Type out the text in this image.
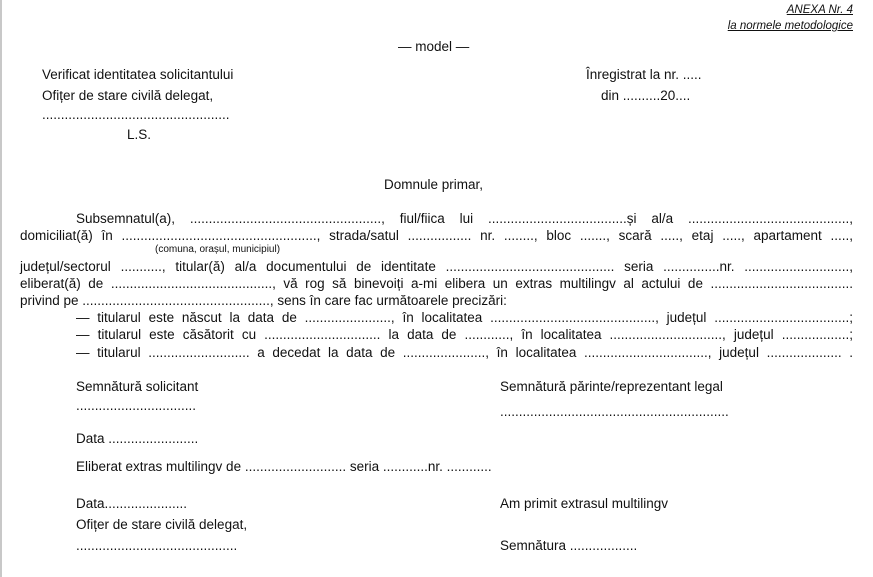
ANEXA Nr. 4
la normele metodologice
— model —
Verificat identitatea solicitantului
Ofițer de stare civilă delegat,
..................................................
L.S.
Înregistrat la nr. .....
din ..........20....
Domnule primar,
Subsemnatul(a), ..................................................., fiul/fiica lui .....................................și al/a ...........................................,
domiciliat(ă) în ...................................................., strada/satul ................. nr. ........, bloc ......., scară ....., etaj ....., apartament .....,
(comuna, orașul, municipiul)
județul/sectorul ..........., titular(ă) al/a documentului de identitate ............................................. seria ...............nr. ............................,
eliberat(ă) de ..........................................., vă rog să binevoiți a-mi elibera un extras multilingv al actului de ......................................
privind pe .................................................., sens în care fac următoarele precizări:
— titularul este născut la data de ......................., în localitatea ............................................, județul ....................................;
— titularul este căsătorit cu ............................... la data de ............, în localitatea .............................., județul ..................;
— titularul ........................... a decedat la data de ......................, în localitatea ................................., județul .................... .
Semnătură solicitant
................................
Semnătură părinte/reprezentant legal
.............................................................
Data ........................
Eliberat extras multilingv de ........................... seria ............nr. ............
Data......................	Am primit extrasul multilingv
Ofițer de stare civilă delegat,
...........................................	Semnătura ..................
